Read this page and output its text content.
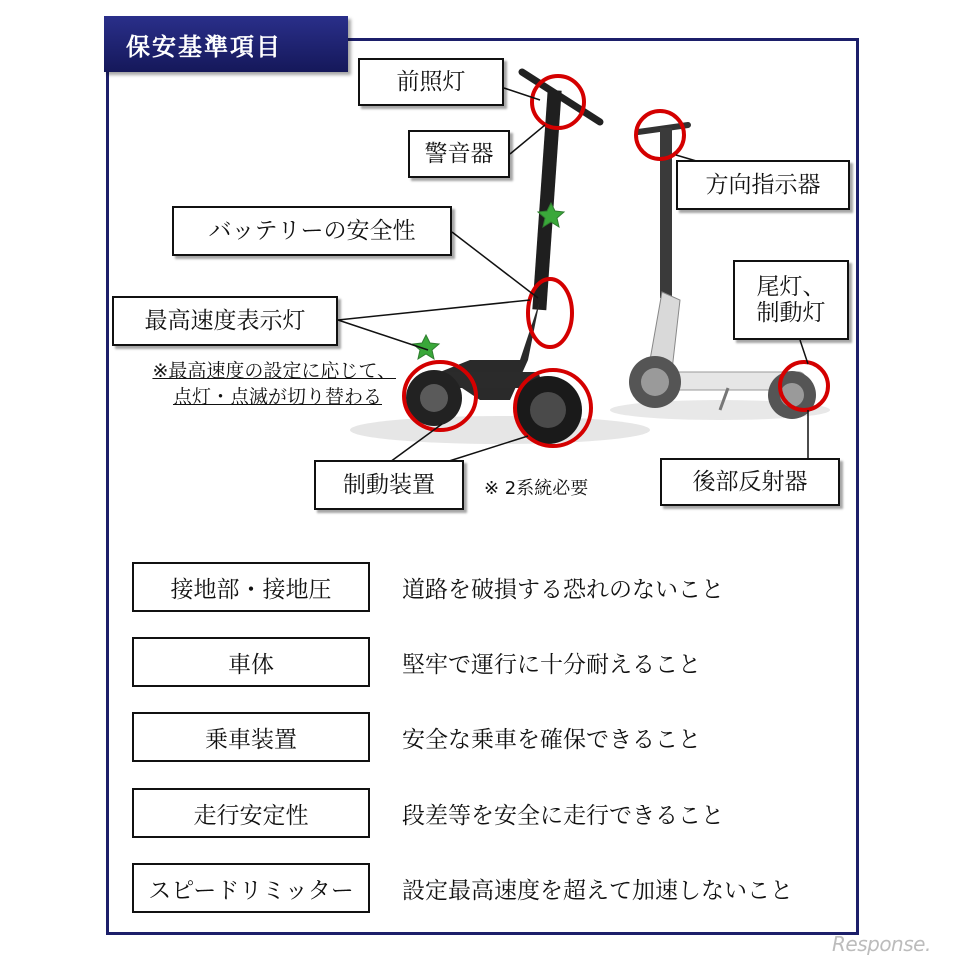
保安基準項目
前照灯
警音器
方向指示器
バッテリーの安全性
最高速度表示灯
尾灯、
制動灯
制動装置	後部反射器
※最高速度の設定に応じて、
点灯・点滅が切り替わる
※ 2系統必要
接地部・接地圧	道路を破損する恐れのないこと
車体	堅牢で運行に十分耐えること
乗車装置	安全な乗車を確保できること
走行安定性	段差等を安全に走行できること
スピードリミッター	設定最高速度を超えて加速しないこと
Response.
